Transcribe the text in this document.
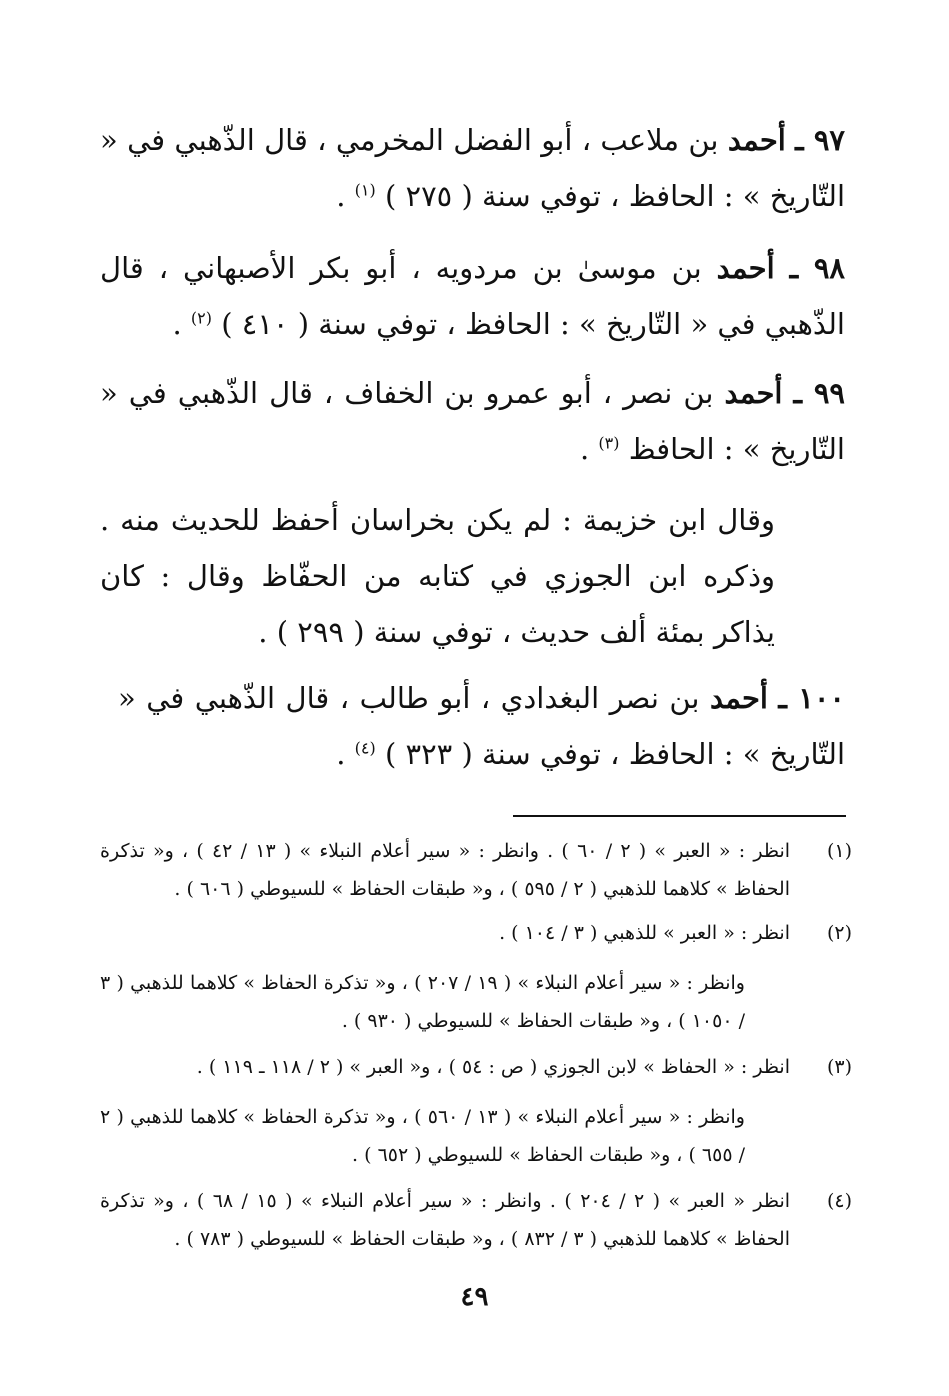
٩٧ ـ أحمد بن ملاعب ، أبو الفضل المخرمي ، قال الذّهبي في « التّاريخ » : الحافظ ، توفي سنة ( ٢٧٥ ) $^{(١)}$ .
٩٨ ـ أحمد بن موسىٰ بن مردويه ، أبو بكر الأصبهاني ، قال الذّهبي في « التّاريخ » : الحافظ ، توفي سنة ( ٤١٠ ) $^{(٢)}$ .
٩٩ ـ أحمد بن نصر ، أبو عمرو بن الخفاف ، قال الذّهبي في « التّاريخ » : الحافظ $^{(٣)}$ .
وقال ابن خزيمة : لم يكن بخراسان أحفظ للحديث منه . وذكره ابن الجوزي في كتابه من الحفّاظ وقال : كان يذاكر بمئة ألف حديث ، توفي سنة ( ٢٩٩ ) .
١٠٠ ـ أحمد بن نصر البغدادي ، أبو طالب ، قال الذّهبي في « التّاريخ » : الحافظ ، توفي سنة ( ٣٢٣ ) $^{(٤)}$ .
(١)
انظر : « العبر » ( ٢ / ٦٠ ) . وانظر : « سير أعلام النبلاء » ( ١٣ / ٤٢ ) ، و« تذكرة الحفاظ » كلاهما للذهبي ( ٢ / ٥٩٥ ) ، و« طبقات الحفاظ » للسيوطي ( ٦٠٦ ) .
(٢)
انظر : « العبر » للذهبي ( ٣ / ١٠٤ ) .
وانظر : « سير أعلام النبلاء » ( ١٩ / ٢٠٧ ) ، و« تذكرة الحفاظ » كلاهما للذهبي ( ٣ / ١٠٥٠ ) ، و« طبقات الحفاظ » للسيوطي ( ٩٣٠ ) .
(٣)
انظر : « الحفاظ » لابن الجوزي ( ص : ٥٤ ) ، و« العبر » ( ٢ / ١١٨ ـ ١١٩ ) .
وانظر : « سير أعلام النبلاء » ( ١٣ / ٥٦٠ ) ، و« تذكرة الحفاظ » كلاهما للذهبي ( ٢ / ٦٥٥ ) ، و« طبقات الحفاظ » للسيوطي ( ٦٥٢ ) .
(٤)
انظر « العبر » ( ٢ / ٢٠٤ ) . وانظر : « سير أعلام النبلاء » ( ١٥ / ٦٨ ) ، و« تذكرة الحفاظ » كلاهما للذهبي ( ٣ / ٨٣٢ ) ، و« طبقات الحفاظ » للسيوطي ( ٧٨٣ ) .
٤٩
